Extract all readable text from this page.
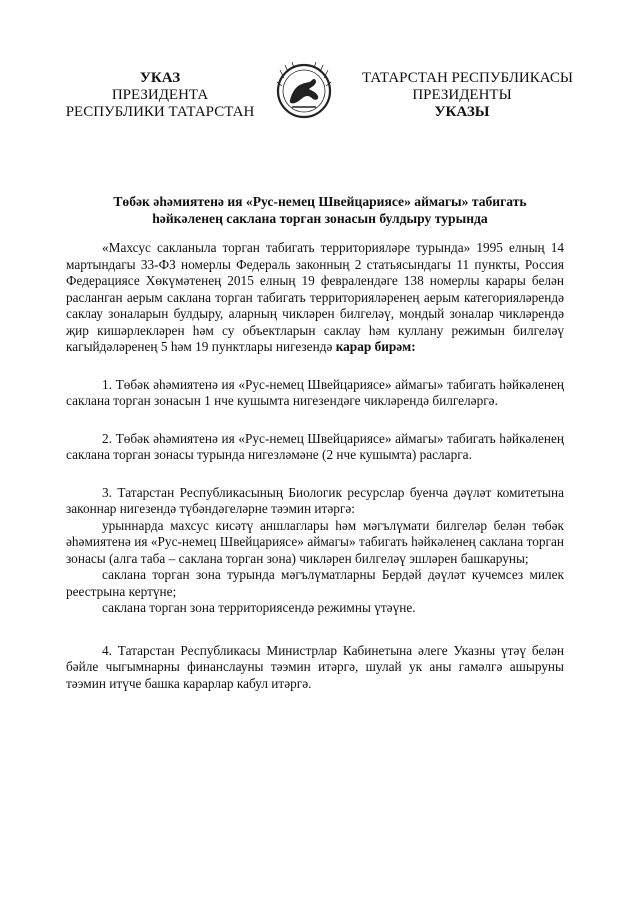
УКАЗ
ПРЕЗИДЕНТА
РЕСПУБЛИКИ ТАТАРСТАН
ТАТАРСТАН РЕСПУБЛИКАСЫ
ПРЕЗИДЕНТЫ
УКАЗЫ
Төбәк әһәмиятенә ия «Рус-немец Швейцариясе» аймагы» табигать
һәйкәленең саклана торган зонасын булдыру турында

«Махсус сакланыла торган табигать территорияләре турында» 1995 елның 14 мартындагы 33-ФЗ номерлы Федераль законның 2 статьясындагы 11 пункты, Россия Федерациясе Хөкүмәтенең 2015 елның 19 февралендәге 138 номерлы карары белән расланган аерым саклана торган табигать территорияләренең аерым категорияләрендә саклау зоналарын булдыру, аларның чикләрен билгеләү, мондый зоналар чикләрендә җир кишәрлекләрен һәм су объектларын саклау һәм куллану режимын билгеләү кагыйдәләренең 5 һәм 19 пунктлары нигезендә карар бирәм:

1. Төбәк әһәмиятенә ия «Рус-немец Швейцариясе» аймагы» табигать һәйкәленең саклана торган зонасын 1 нче кушымта нигезендәге чикләрендә билгеләргә.

2. Төбәк әһәмиятенә ия «Рус-немец Швейцариясе» аймагы» табигать һәйкәленең саклана торган зонасы турында нигезләмәне (2 нче кушымта) расларга.

3. Татарстан Республикасының Биологик ресурслар буенча дәүләт комитетына законнар нигезендә түбәндәгеләрне тәэмин итәргә:

урыннарда махсус кисәтү аншлаглары һәм мәгълүмати билгеләр белән төбәк әһәмиятенә ия «Рус-немец Швейцариясе» аймагы» табигать һәйкәленең саклана торган зонасы (алга таба – саклана торган зона) чикләрен билгеләү эшләрен башкаруны;

саклана торган зона турында мәгълүматларны Бердәй дәүләт кучемсез милек реестрына кертүне;

саклана торган зона территориясендә режимны үтәүне.

4. Татарстан Республикасы Министрлар Кабинетына әлеге Указны үтәү белән бәйле чыгымнарны финанслауны тәэмин итәргә, шулай ук аны гамәлгә ашыруны тәэмин итүче башка карарлар кабул итәргә.
